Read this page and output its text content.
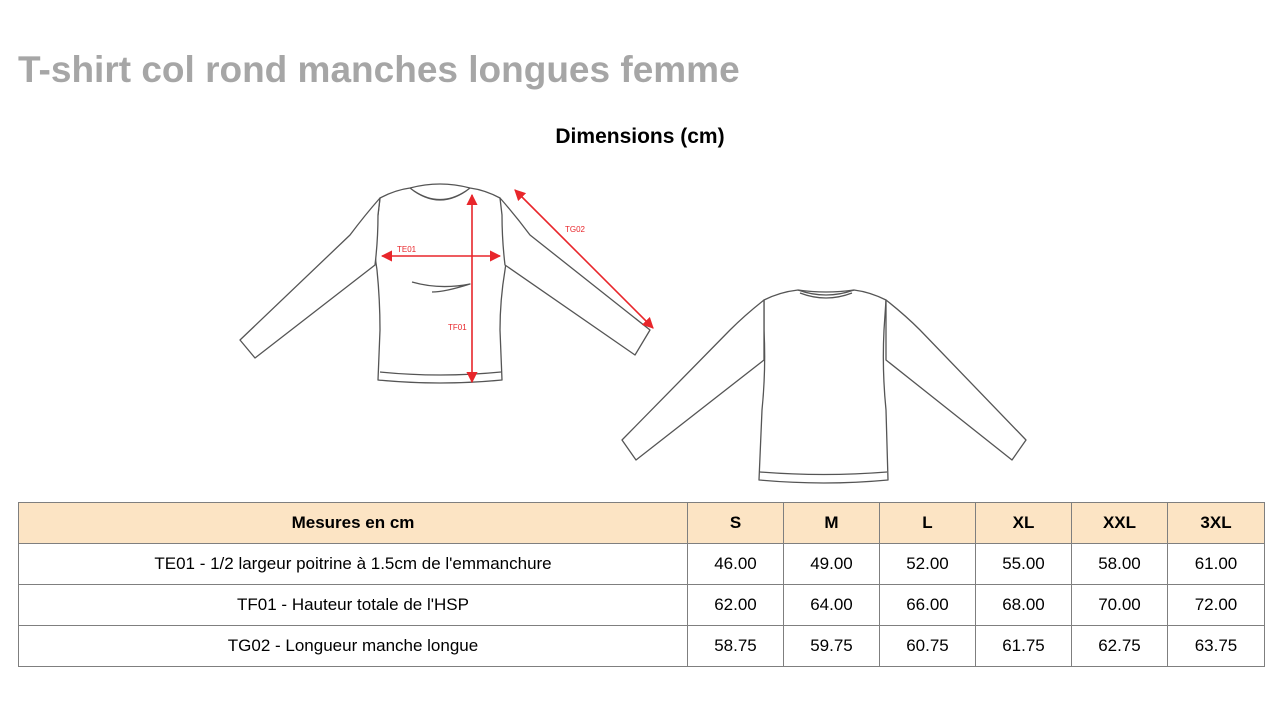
T-shirt col rond manches longues femme
Dimensions (cm)
TE01
TF01
TG02
Mesures en cm	S	M	L	XL	XXL	3XL
TE01 - 1/2 largeur poitrine à 1.5cm de l'emmanchure	46.00	49.00	52.00	55.00	58.00	61.00
TF01 - Hauteur totale de l'HSP	62.00	64.00	66.00	68.00	70.00	72.00
TG02 - Longueur manche longue	58.75	59.75	60.75	61.75	62.75	63.75
